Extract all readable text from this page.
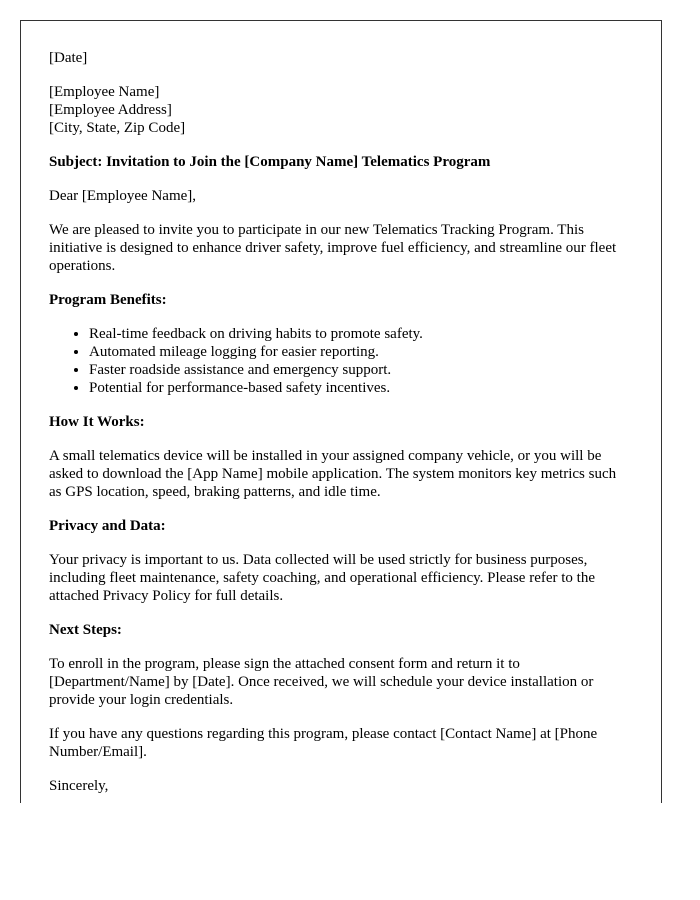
[Date]

[Employee Name]
[Employee Address]
[City, State, Zip Code]

Subject: Invitation to Join the [Company Name] Telematics Program

Dear [Employee Name],

We are pleased to invite you to participate in our new Telematics Tracking Program. This initiative is designed to enhance driver safety, improve fuel efficiency, and streamline our fleet operations.

Program Benefits:
• Real-time feedback on driving habits to promote safety.
• Automated mileage logging for easier reporting.
• Faster roadside assistance and emergency support.
• Potential for performance-based safety incentives.
How It Works:

A small telematics device will be installed in your assigned company vehicle, or you will be asked to download the [App Name] mobile application. The system monitors key metrics such as GPS location, speed, braking patterns, and idle time.

Privacy and Data:

Your privacy is important to us. Data collected will be used strictly for business purposes, including fleet maintenance, safety coaching, and operational efficiency. Please refer to the attached Privacy Policy for full details.

Next Steps:

To enroll in the program, please sign the attached consent form and return it to [Department/Name] by [Date]. Once received, we will schedule your device installation or provide your login credentials.

If you have any questions regarding this program, please contact [Contact Name] at [Phone Number/Email].

Sincerely,
